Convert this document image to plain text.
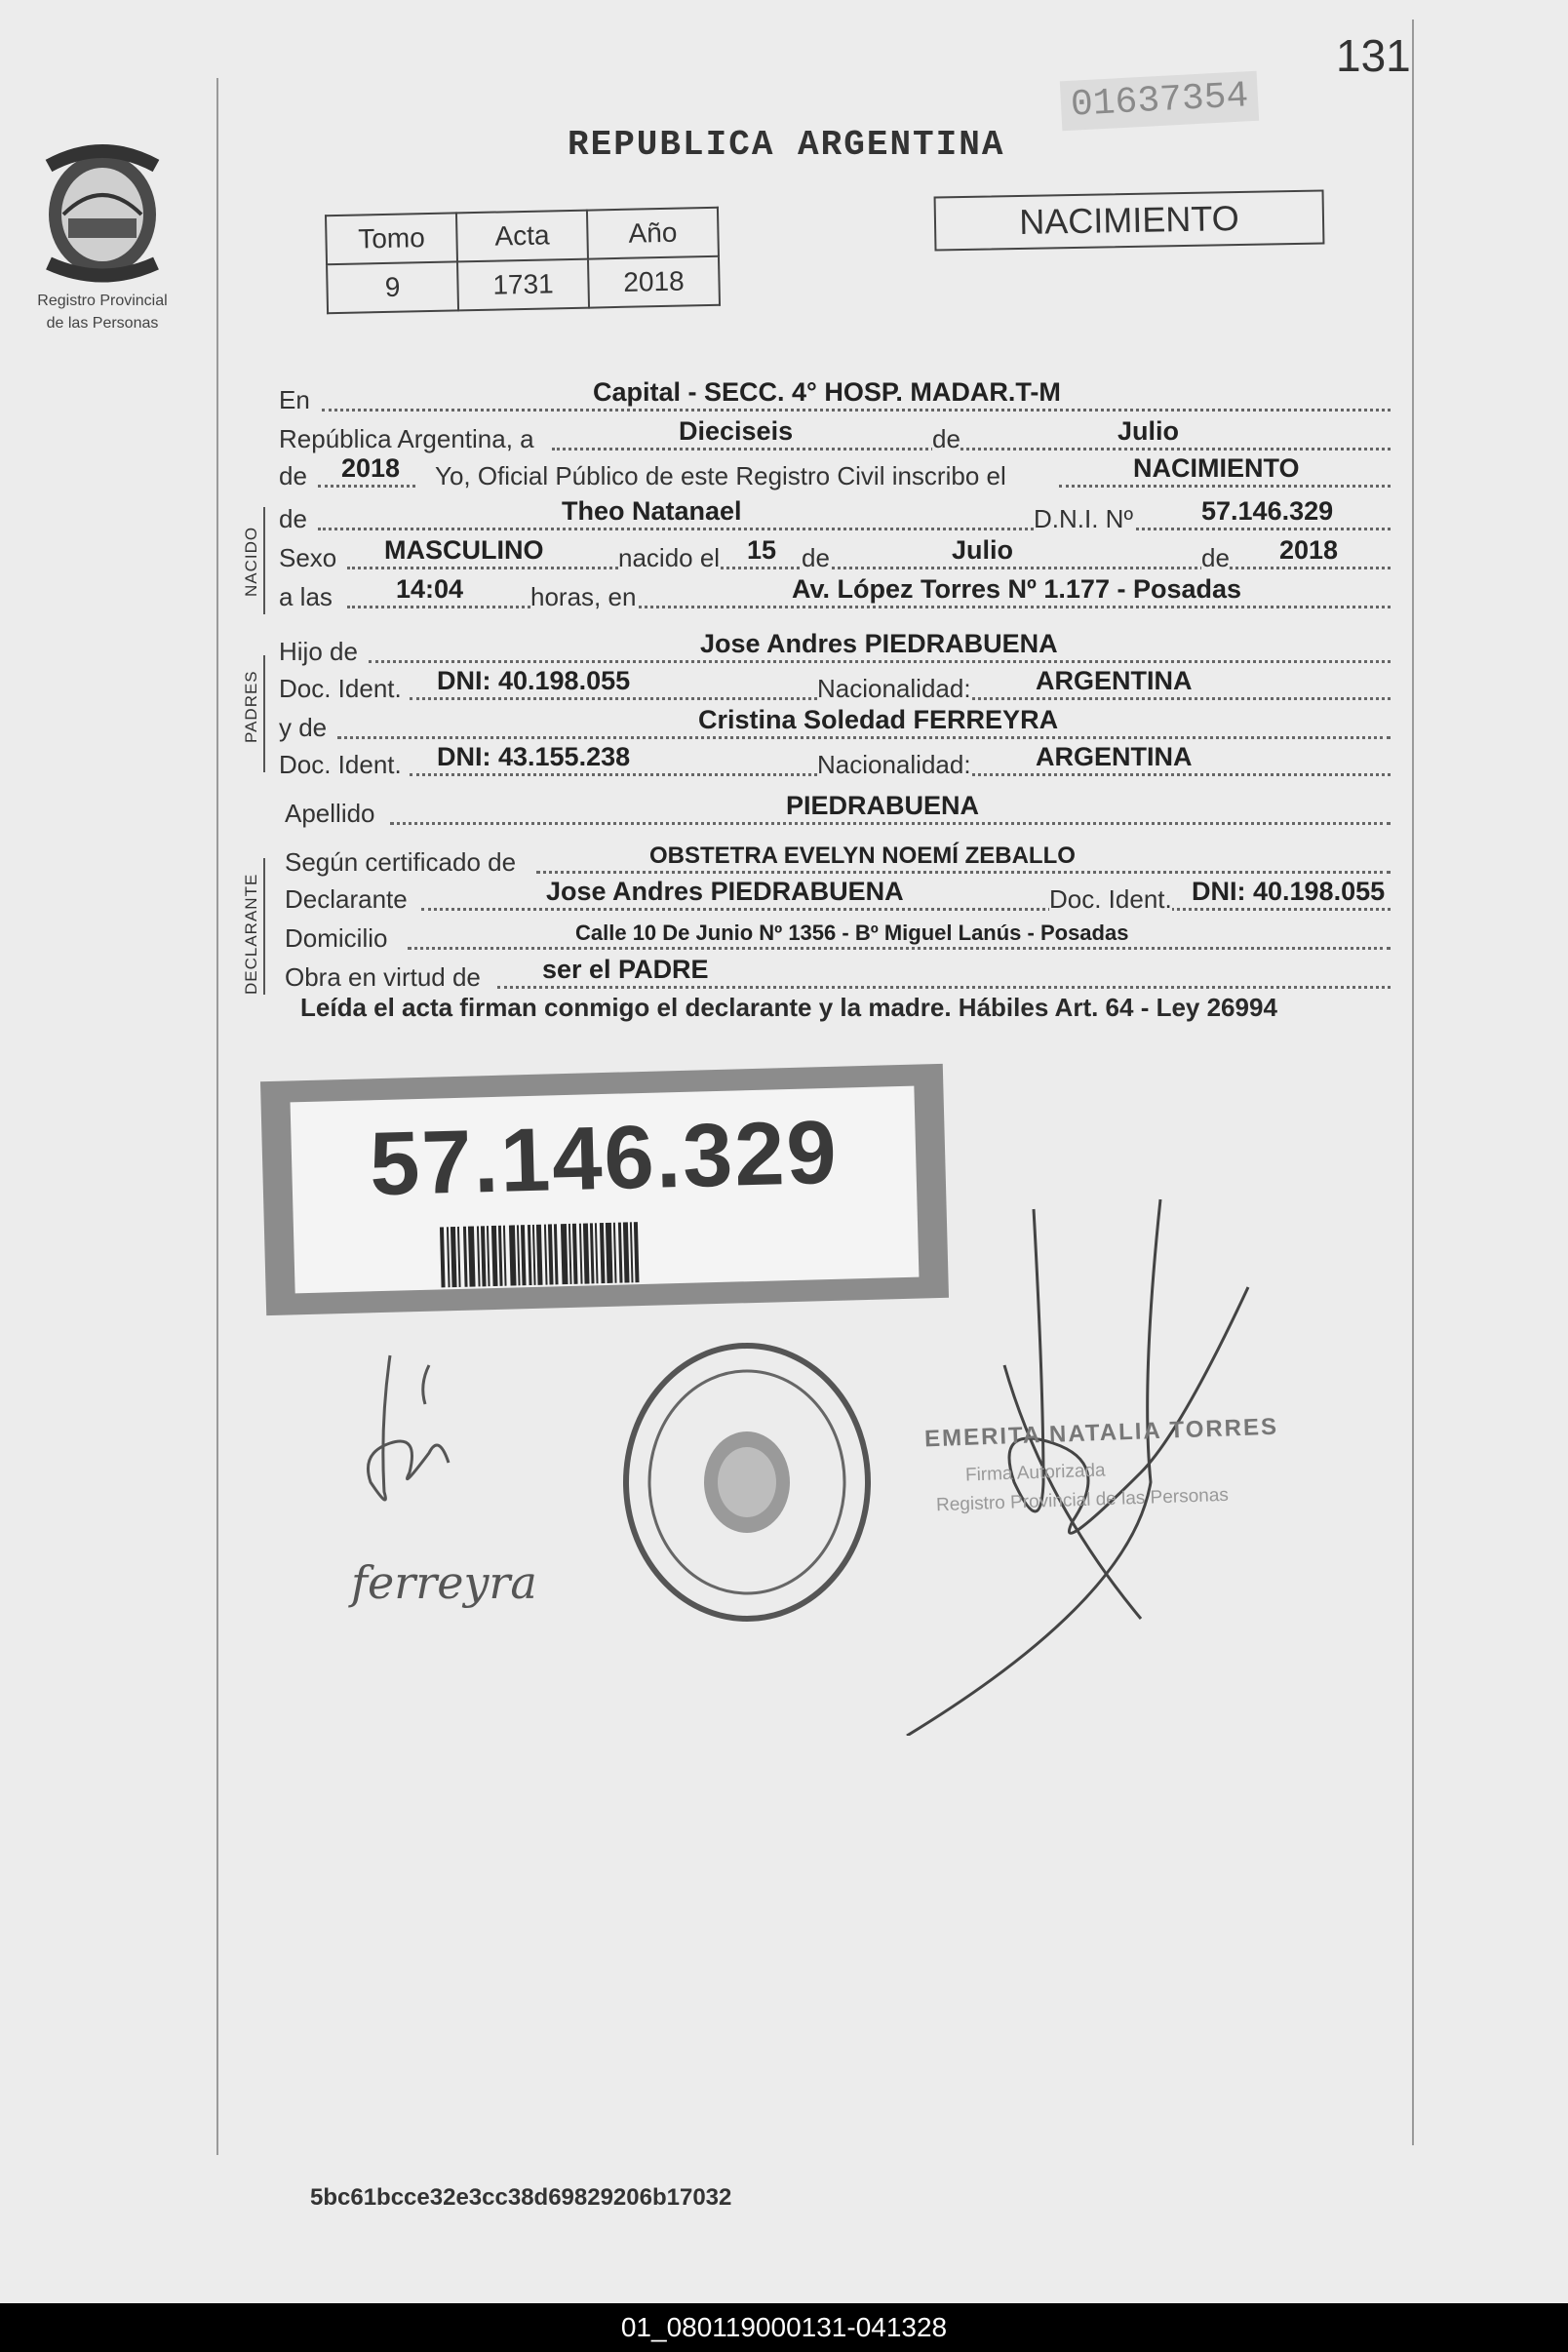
131
01637354
Registro Provincial
de las Personas
REPUBLICA ARGENTINA
Tomo	Acta	Año
9	1731	2018
NACIMIENTO
En	Capital - SECC. 4° HOSP. MADAR.T-M
República Argentina, a	Dieciseis	de	Julio
de 2018 Yo, Oficial Público de este Registro Civil inscribo el	NACIMIENTO
NACIDO
de	Theo Natanael	D.N.I. Nº	57.146.329
Sexo MASCULINO	nacido el 15 de	Julio	de 2018
a las 14:04	horas, en	Av. López Torres Nº 1.177 - Posadas
PADRES
Hijo de	Jose Andres PIEDRABUENA
Doc. Ident. DNI: 40.198.055	Nacionalidad: ARGENTINA
y de	Cristina Soledad FERREYRA
Doc. Ident. DNI: 43.155.238	Nacionalidad: ARGENTINA
Apellido	PIEDRABUENA
DECLARANTE
Según certificado de	OBSTETRA EVELYN NOEMÍ ZEBALLO
Declarante	Jose Andres PIEDRABUENA	Doc. Ident. DNI: 40.198.055
Domicilio	Calle 10 De Junio Nº 1356 - Bº Miguel Lanús - Posadas
Obra en virtud de ser el PADRE
Leída el acta firman conmigo el declarante y la madre. Hábiles Art. 64 - Ley 26994
57.146.329
ferreyra
EMERITA NATALIA TORRES
Firma Autorizada
Registro Provincial de las Personas
5bc61bcce32e3cc38d69829206b17032
01_080119000131-041328
